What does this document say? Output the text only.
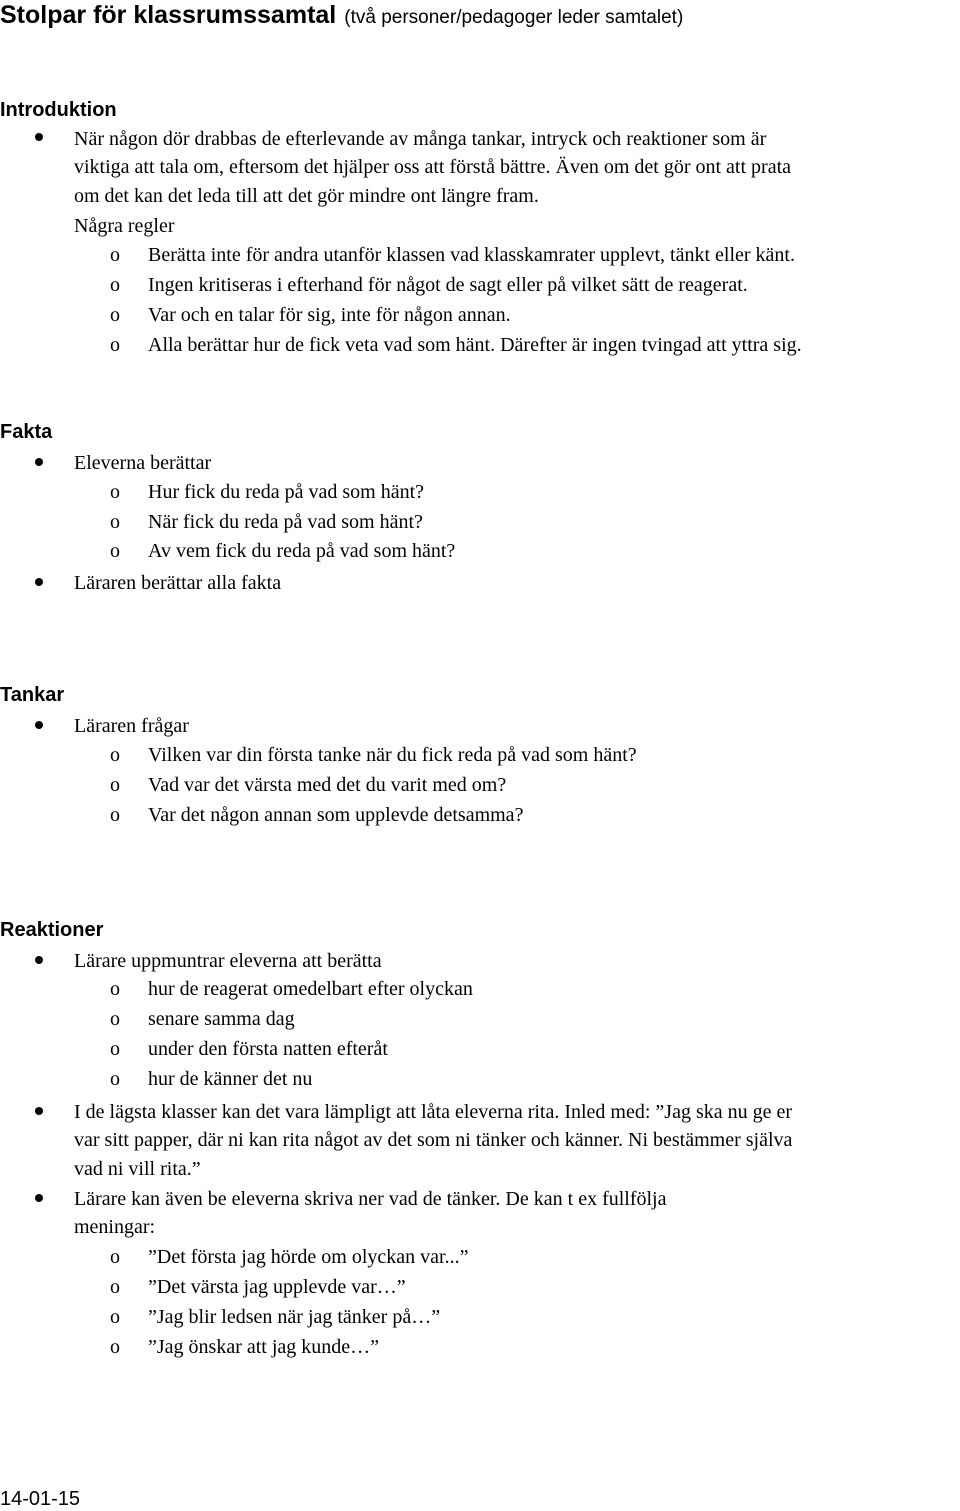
Stolpar för klassrumssamtal (två personer/pedagoger leder samtalet)
Introduktion
När någon dör drabbas de efterlevande av många tankar, intryck och reaktioner som är
viktiga att tala om, eftersom det hjälper oss att förstå bättre. Även om det gör ont att prata
om det kan det leda till att det gör mindre ont längre fram.
Några regler
o Berätta inte för andra utanför klassen vad klasskamrater upplevt, tänkt eller känt.
o Ingen kritiseras i efterhand för något de sagt eller på vilket sätt de reagerat.
o Var och en talar för sig, inte för någon annan.
o Alla berättar hur de fick veta vad som hänt. Därefter är ingen tvingad att yttra sig.
Fakta
Eleverna berättar
o Hur fick du reda på vad som hänt?
o När fick du reda på vad som hänt?
o Av vem fick du reda på vad som hänt?
Läraren berättar alla fakta
Tankar
Läraren frågar
o Vilken var din första tanke när du fick reda på vad som hänt?
o Vad var det värsta med det du varit med om?
o Var det någon annan som upplevde detsamma?
Reaktioner
Lärare uppmuntrar eleverna att berätta
o hur de reagerat omedelbart efter olyckan
o senare samma dag
o under den första natten efteråt
o hur de känner det nu
I de lägsta klasser kan det vara lämpligt att låta eleverna rita. Inled med: ”Jag ska nu ge er
var sitt papper, där ni kan rita något av det som ni tänker och känner. Ni bestämmer själva
vad ni vill rita.”
Lärare kan även be eleverna skriva ner vad de tänker. De kan t ex fullfölja
meningar:
o ”Det första jag hörde om olyckan var...”
o ”Det värsta jag upplevde var…”
o ”Jag blir ledsen när jag tänker på…”
o ”Jag önskar att jag kunde…”
14-01-15
